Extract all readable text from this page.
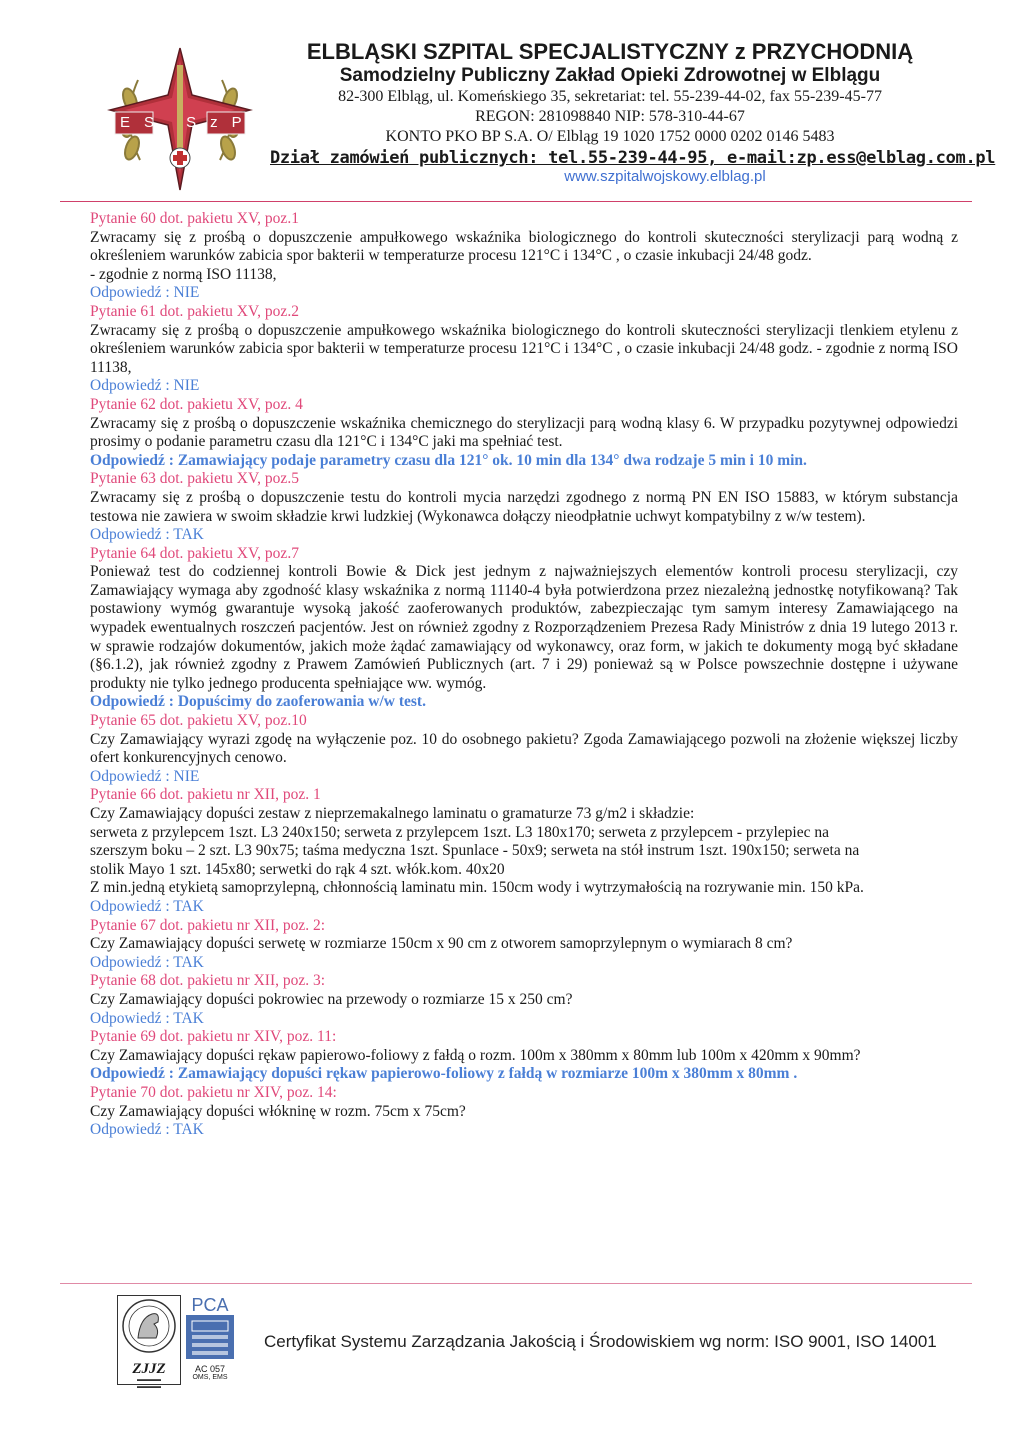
ES SzP
ELBLĄSKI SZPITAL SPECJALISTYCZNY z PRZYCHODNIĄ
Samodzielny Publiczny Zakład Opieki Zdrowotnej w Elblągu
82-300 Elbląg, ul. Komeńskiego 35, sekretariat: tel. 55-239-44-02, fax 55-239-45-77
REGON: 281098840 NIP: 578-310-44-67
KONTO PKO BP S.A. O/ Elbląg 19 1020 1752 0000 0202 0146 5483
Dział zamówień publicznych: tel.55-239-44-95, e-mail:zp.ess@elblag.com.pl
www.szpitalwojskowy.elblag.pl
Pytanie 60 dot. pakietu XV, poz.1
Zwracamy się z prośbą o dopuszczenie ampułkowego wskaźnika biologicznego do kontroli skuteczności sterylizacji parą wodną z określeniem warunków zabicia spor bakterii w temperaturze procesu 121°C i 134°C , o czasie inkubacji 24/48 godz.
- zgodnie z normą ISO 11138,
Odpowiedź : NIE
Pytanie 61 dot. pakietu XV, poz.2
Zwracamy się z prośbą o dopuszczenie ampułkowego wskaźnika biologicznego do kontroli skuteczności sterylizacji tlenkiem etylenu z określeniem warunków zabicia spor bakterii w temperaturze procesu 121°C i 134°C , o czasie inkubacji 24/48 godz. - zgodnie z normą ISO 11138,
Odpowiedź : NIE
Pytanie 62 dot. pakietu XV, poz. 4
Zwracamy się z prośbą o dopuszczenie wskaźnika chemicznego do sterylizacji parą wodną klasy 6. W przypadku pozytywnej odpowiedzi prosimy o podanie parametru czasu dla 121°C i 134°C jaki ma spełniać test.
Odpowiedź : Zamawiający podaje parametry czasu dla 121° ok. 10 min dla 134° dwa rodzaje 5 min i 10 min.
Pytanie 63 dot. pakietu XV, poz.5
Zwracamy się z prośbą o dopuszczenie testu do kontroli mycia narzędzi zgodnego z normą PN EN ISO 15883, w którym substancja testowa nie zawiera w swoim składzie krwi ludzkiej (Wykonawca dołączy nieodpłatnie uchwyt kompatybilny z w/w testem).
Odpowiedź : TAK
Pytanie 64 dot. pakietu XV, poz.7
Ponieważ test do codziennej kontroli Bowie & Dick jest jednym z najważniejszych elementów kontroli procesu sterylizacji, czy Zamawiający wymaga aby zgodność klasy wskaźnika z normą 11140-4 była potwierdzona przez niezależną jednostkę notyfikowaną? Tak postawiony wymóg gwarantuje wysoką jakość zaoferowanych produktów, zabezpieczając tym samym interesy Zamawiającego na wypadek ewentualnych roszczeń pacjentów. Jest on również zgodny z Rozporządzeniem Prezesa Rady Ministrów z dnia 19 lutego 2013 r. w sprawie rodzajów dokumentów, jakich może żądać zamawiający od wykonawcy, oraz form, w jakich te dokumenty mogą być składane (§6.1.2), jak również zgodny z Prawem Zamówień Publicznych (art. 7 i 29) ponieważ są w Polsce powszechnie dostępne i używane produkty nie tylko jednego producenta spełniające ww. wymóg.
Odpowiedź : Dopuścimy do zaoferowania w/w test.
Pytanie 65 dot. pakietu XV, poz.10
Czy Zamawiający wyrazi zgodę na wyłączenie poz. 10 do osobnego pakietu? Zgoda Zamawiającego pozwoli na złożenie większej liczby ofert konkurencyjnych cenowo.
Odpowiedź : NIE
Pytanie 66 dot. pakietu nr XII, poz. 1
Czy Zamawiający dopuści zestaw z nieprzemakalnego laminatu o gramaturze 73 g/m2 i składzie:
serweta z przylepcem 1szt. L3 240x150; serweta z przylepcem 1szt. L3 180x170; serweta z przylepcem - przylepiec na
szerszym boku – 2 szt. L3 90x75; taśma medyczna 1szt. Spunlace - 50x9; serweta na stół instrum 1szt. 190x150; serweta na
stolik Mayo 1 szt. 145x80; serwetki do rąk 4 szt. włók.kom. 40x20
Z min.jedną etykietą samoprzylepną, chłonnością laminatu min. 150cm wody i wytrzymałością na rozrywanie min. 150 kPa.
Odpowiedź : TAK
Pytanie 67 dot. pakietu nr XII, poz. 2:
Czy Zamawiający dopuści serwetę w rozmiarze 150cm x 90 cm z otworem samoprzylepnym o wymiarach 8 cm?
Odpowiedź : TAK
Pytanie 68 dot. pakietu nr XII, poz. 3:
Czy Zamawiający dopuści pokrowiec na przewody o rozmiarze 15 x 250 cm?
Odpowiedź : TAK
Pytanie 69 dot. pakietu nr XIV, poz. 11:
Czy Zamawiający dopuści rękaw papierowo-foliowy z fałdą o rozm. 100m x 380mm x 80mm lub 100m x 420mm x 90mm?
Odpowiedź : Zamawiający dopuści rękaw papierowo-foliowy z fałdą w rozmiarze 100m x 380mm x 80mm .
Pytanie 70 dot. pakietu nr XIV, poz. 14:
Czy Zamawiający dopuści włókninę w rozm. 75cm x 75cm?
Odpowiedź : TAK
ZJJZ
▬▬▬▬
▬▬▬▬
PCA
AC 057
OMS, EMS
Certyfikat Systemu Zarządzania Jakością i Środowiskiem wg norm: ISO 9001, ISO 14001
